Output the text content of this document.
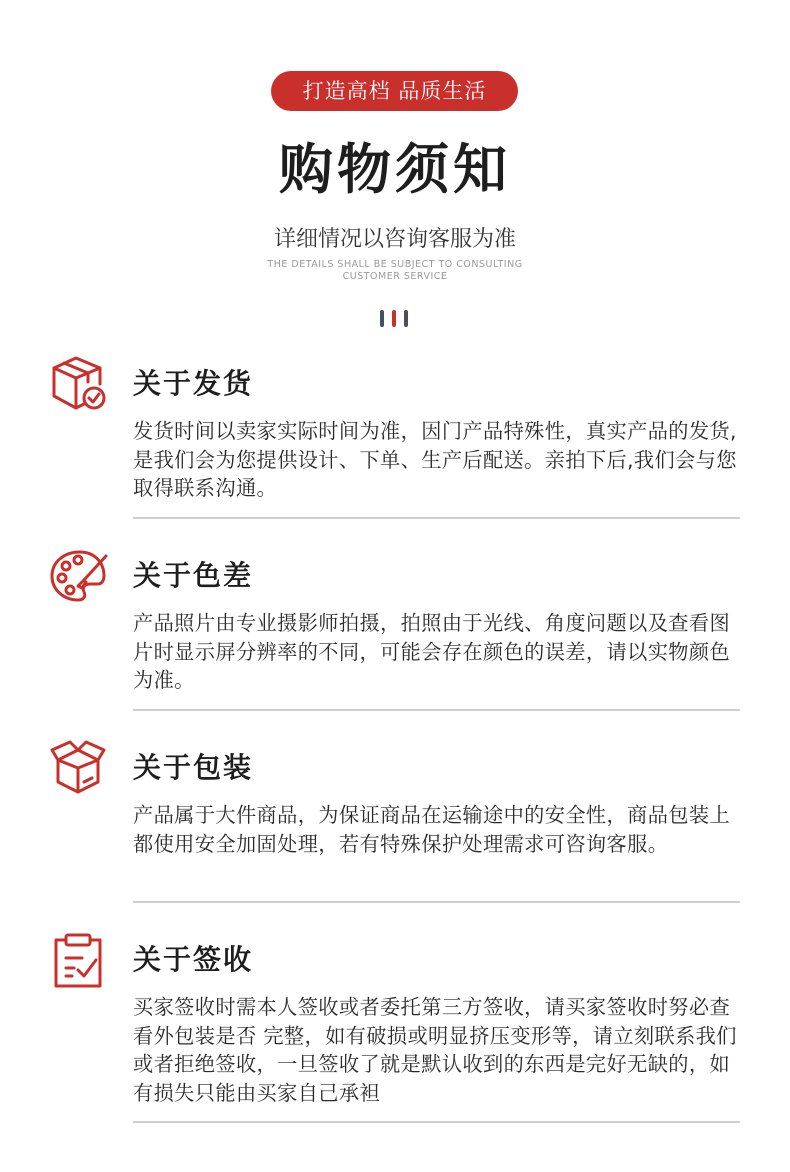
打造高档 品质生活
购物须知
详细情况以咨询客服为准
THE DETAILS SHALL BE SUBJECT TO CONSULTING
CUSTOMER SERVICE
关于发货
发货时间以卖家实际时间为准，因门产品特殊性，真实产品的发货,是我们会为您提供设计、下单、生产后配送。亲拍下后,我们会与您取得联系沟通。
关于色差
产品照片由专业摄影师拍摄，拍照由于光线、角度问题以及查看图片时显示屏分辨率的不同，可能会存在颜色的误差，请以实物颜色为准。
关于包装
产品属于大件商品，为保证商品在运输途中的安全性，商品包装上都使用安全加固处理，若有特殊保护处理需求可咨询客服。
关于签收
买家签收时需本人签收或者委托第三方签收，请买家签收时努必查看外包装是否 完整，如有破损或明显挤压变形等，请立刻联系我们或者拒绝签收，一旦签收了就是默认收到的东西是完好无缺的，如有损失只能由买家自己承袒
